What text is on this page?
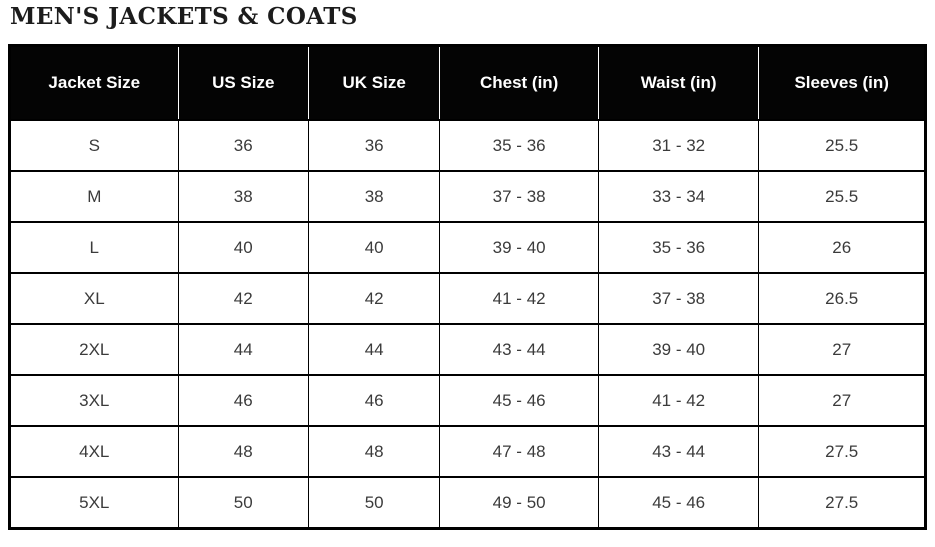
MEN'S JACKETS & COATS
Jacket Size	US Size	UK Size	Chest (in)	Waist (in)	Sleeves (in)
S	36	36	35 - 36	31 - 32	25.5
M	38	38	37 - 38	33 - 34	25.5
L	40	40	39 - 40	35 - 36	26
XL	42	42	41 - 42	37 - 38	26.5
2XL	44	44	43 - 44	39 - 40	27
3XL	46	46	45 - 46	41 - 42	27
4XL	48	48	47 - 48	43 - 44	27.5
5XL	50	50	49 - 50	45 - 46	27.5
